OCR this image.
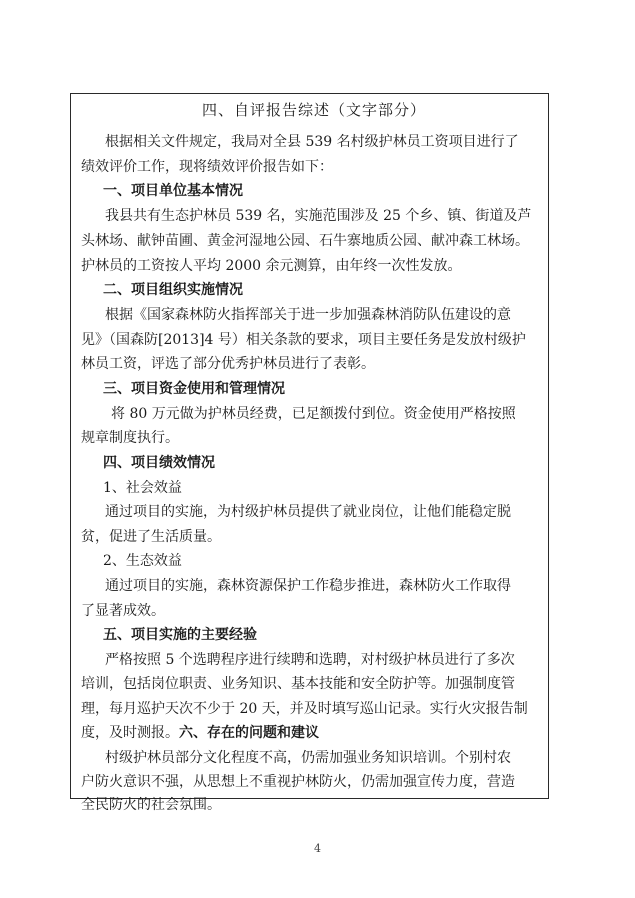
四、自评报告综述（文字部分）
根据相关文件规定，我局对全县 539 名村级护林员工资项目进行了
绩效评价工作，现将绩效评价报告如下：
一、项目单位基本情况
我县共有生态护林员 539 名，实施范围涉及 25 个乡、镇、街道及芦
头林场、献钟苗圃、黄金河湿地公园、石牛寨地质公园、献冲森工林场。
护林员的工资按人平均 2000 余元测算，由年终一次性发放。
二、项目组织实施情况
根据《国家森林防火指挥部关于进一步加强森林消防队伍建设的意
见》（国森防[2013]4 号）相关条款的要求，项目主要任务是发放村级护
林员工资，评选了部分优秀护林员进行了表彰。
三、项目资金使用和管理情况
将 80 万元做为护林员经费，已足额拨付到位。资金使用严格按照
规章制度执行。
四、项目绩效情况
1、社会效益
通过项目的实施，为村级护林员提供了就业岗位，让他们能稳定脱
贫，促进了生活质量。
2、生态效益
通过项目的实施，森林资源保护工作稳步推进，森林防火工作取得
了显著成效。
五、项目实施的主要经验
严格按照 5 个选聘程序进行续聘和选聘，对村级护林员进行了多次
培训，包括岗位职责、业务知识、基本技能和安全防护等。加强制度管
理，每月巡护天次不少于 20 天，并及时填写巡山记录。实行火灾报告制
度，及时测报。六、存在的问题和建议
村级护林员部分文化程度不高，仍需加强业务知识培训。个别村农
户防火意识不强，从思想上不重视护林防火，仍需加强宣传力度，营造
全民防火的社会氛围。
4
